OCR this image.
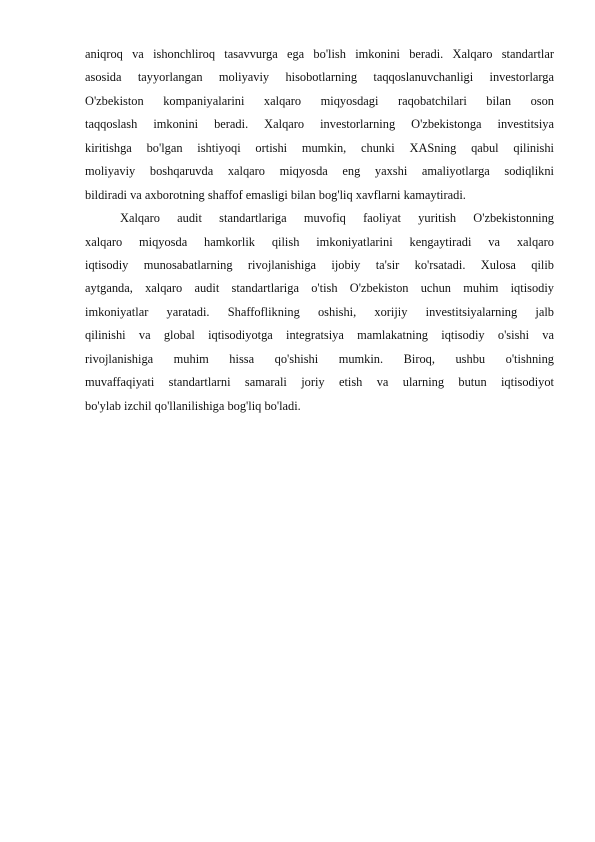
aniqroq va ishonchliroq tasavvurga ega bo'lish imkonini beradi. Xalqaro standartlar
asosida tayyorlangan moliyaviy hisobotlarning taqqoslanuvchanligi investorlarga
O'zbekiston kompaniyalarini xalqaro miqyosdagi raqobatchilari bilan oson
taqqoslash imkonini beradi. Xalqaro investorlarning O'zbekistonga investitsiya
kiritishga bo'lgan ishtiyoqi ortishi mumkin, chunki XASning qabul qilinishi
moliyaviy boshqaruvda xalqaro miqyosda eng yaxshi amaliyotlarga sodiqlikni
bildiradi va axborotning shaffof emasligi bilan bog'liq xavflarni kamaytiradi.
Xalqaro audit standartlariga muvofiq faoliyat yuritish O'zbekistonning
xalqaro miqyosda hamkorlik qilish imkoniyatlarini kengaytiradi va xalqaro
iqtisodiy munosabatlarning rivojlanishiga ijobiy ta'sir ko'rsatadi. Xulosa qilib
aytganda, xalqaro audit standartlariga o'tish O'zbekiston uchun muhim iqtisodiy
imkoniyatlar yaratadi. Shaffoflikning oshishi, xorijiy investitsiyalarning jalb
qilinishi va global iqtisodiyotga integratsiya mamlakatning iqtisodiy o'sishi va
rivojlanishiga muhim hissa qo'shishi mumkin. Biroq, ushbu o'tishning
muvaffaqiyati standartlarni samarali joriy etish va ularning butun iqtisodiyot
bo'ylab izchil qo'llanilishiga bog'liq bo'ladi.
